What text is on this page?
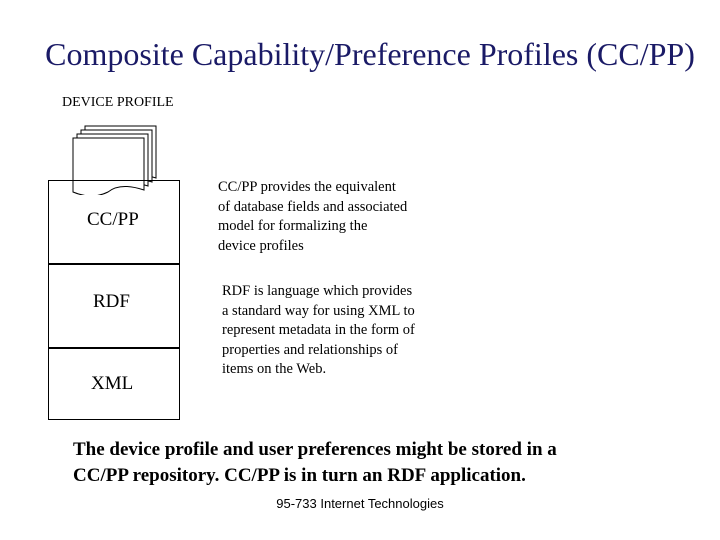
Composite Capability/Preference Profiles (CC/PP)
DEVICE PROFILE
CC/PP
RDF
XML
CC/PP provides the equivalent
of database fields and associated
model for formalizing the
device profiles
RDF is language which provides
a standard way for using XML to
represent metadata in the form of
properties and relationships of
items on the Web.
The device profile and user preferences might be stored in a
CC/PP repository. CC/PP is in turn an RDF application.
95-733 Internet Technologies
